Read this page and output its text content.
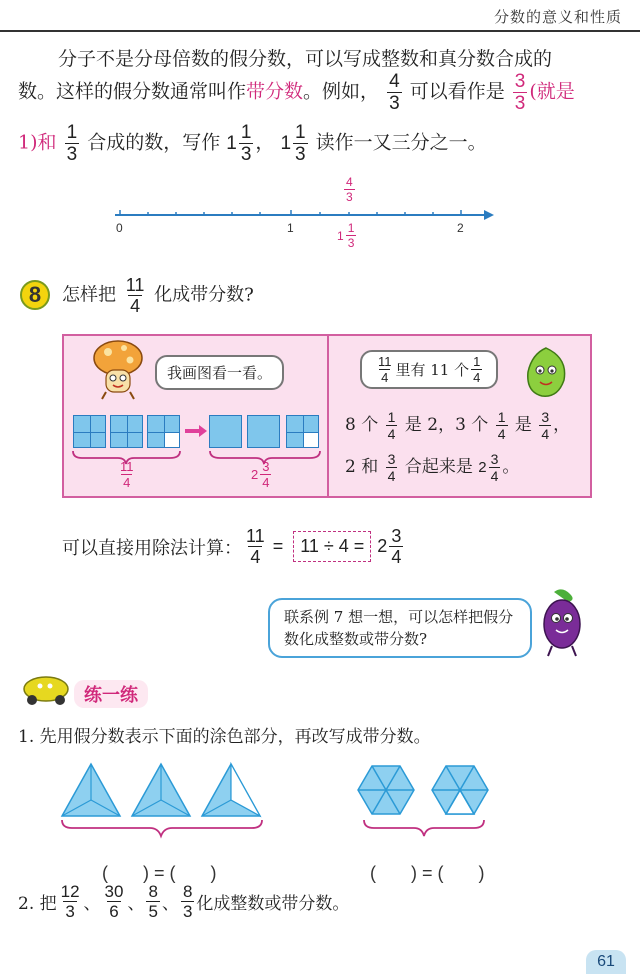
分数的意义和性质
分子不是分母倍数的假分数，可以写成整数和真分数合成的
数。这样的假分数通常叫作带分数。例如， $\frac{4}{3}$ 可以看作是 $\frac{3}{3}$ (就是
1)和 $\frac{1}{3}$ 合成的数，写作 $1 \frac{1}{3}$ ， $1 \frac{1}{3}$ 读作一又三分之一。
0	1	2
$\frac{4}{3}$
$1 \frac{1}{3}$
8	怎样把 $\frac{11}{4}$ 化成带分数?
我画图看一看。
$\frac{11}{4}$	$2 \frac{3}{4}$
$\frac{11}{4}$ 里有 11 个 $\frac{1}{4}$
8 个 $\frac{1}{4}$ 是 2，3 个 $\frac{1}{4}$ 是 $\frac{3}{4}$ ，
2 和 $\frac{3}{4}$ 合起来是 $2 \frac{3}{4}$ 。
可以直接用除法计算： $\frac{11}{4} = 11 \div 4 = 2 \frac{3}{4}$
联系例 7 想一想，可以怎样把假分数化成整数或带分数?
练一练
1. 先用假分数表示下面的涂色部分，再改写成带分数。

(       ) = (       )	(       ) = (       )

2. 把 $\frac{12}{3}$ 、 $\frac{30}{6}$ 、 $\frac{8}{5}$ 、 $\frac{8}{3}$ 化成整数或带分数。
61
